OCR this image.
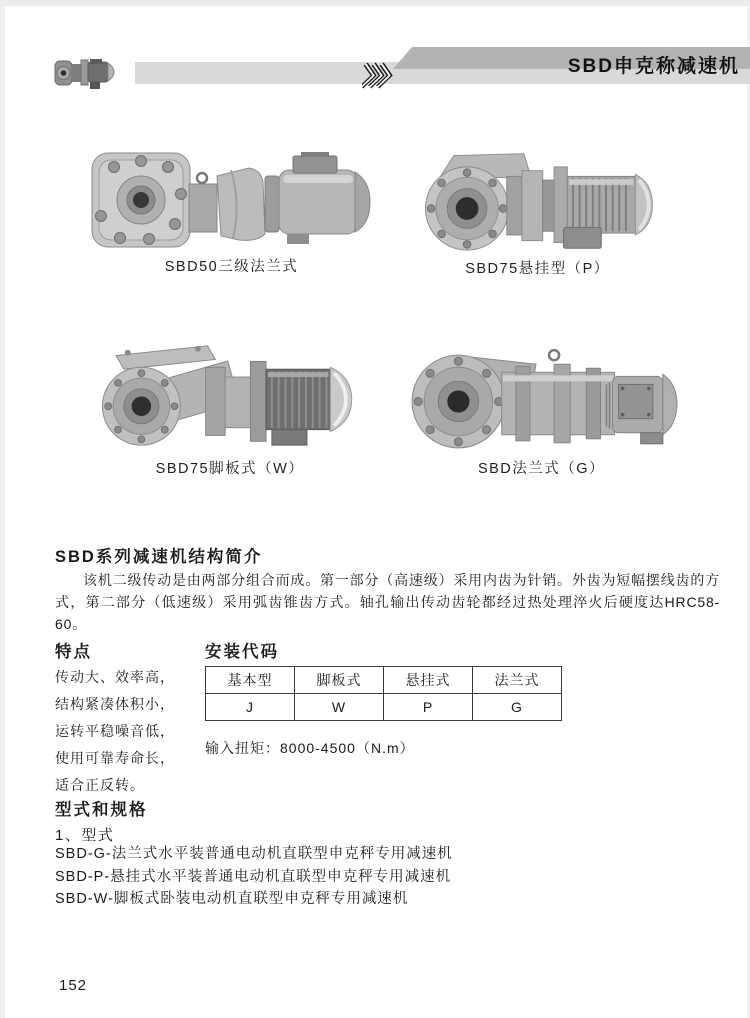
SBD申克称减速机
SBD50三级法兰式	SBD75悬挂型（P）
SBD75脚板式（W）	SBD法兰式（G）
SBD系列减速机结构简介

该机二级传动是由两部分组合而成。第一部分（高速级）采用内齿为针销。外齿为短幅摆线齿的方式，第二部分（低速级）采用弧齿锥齿方式。轴孔输出传动齿轮都经过热处理淬火后硬度达HRC58-60。

特点
传动大、效率高，
结构紧凑体积小，
运转平稳噪音低，
使用可靠寿命长，
适合正反转。
安装代码
基本型	脚板式	悬挂式	法兰式
J	W	P	G

输入扭矩：8000-4500（N.m）

型式和规格

1、型式

SBD-G-法兰式水平装普通电动机直联型申克秤专用减速机
SBD-P-悬挂式水平装普通电动机直联型申克秤专用减速机
SBD-W-脚板式卧装电动机直联型申克秤专用减速机
152
